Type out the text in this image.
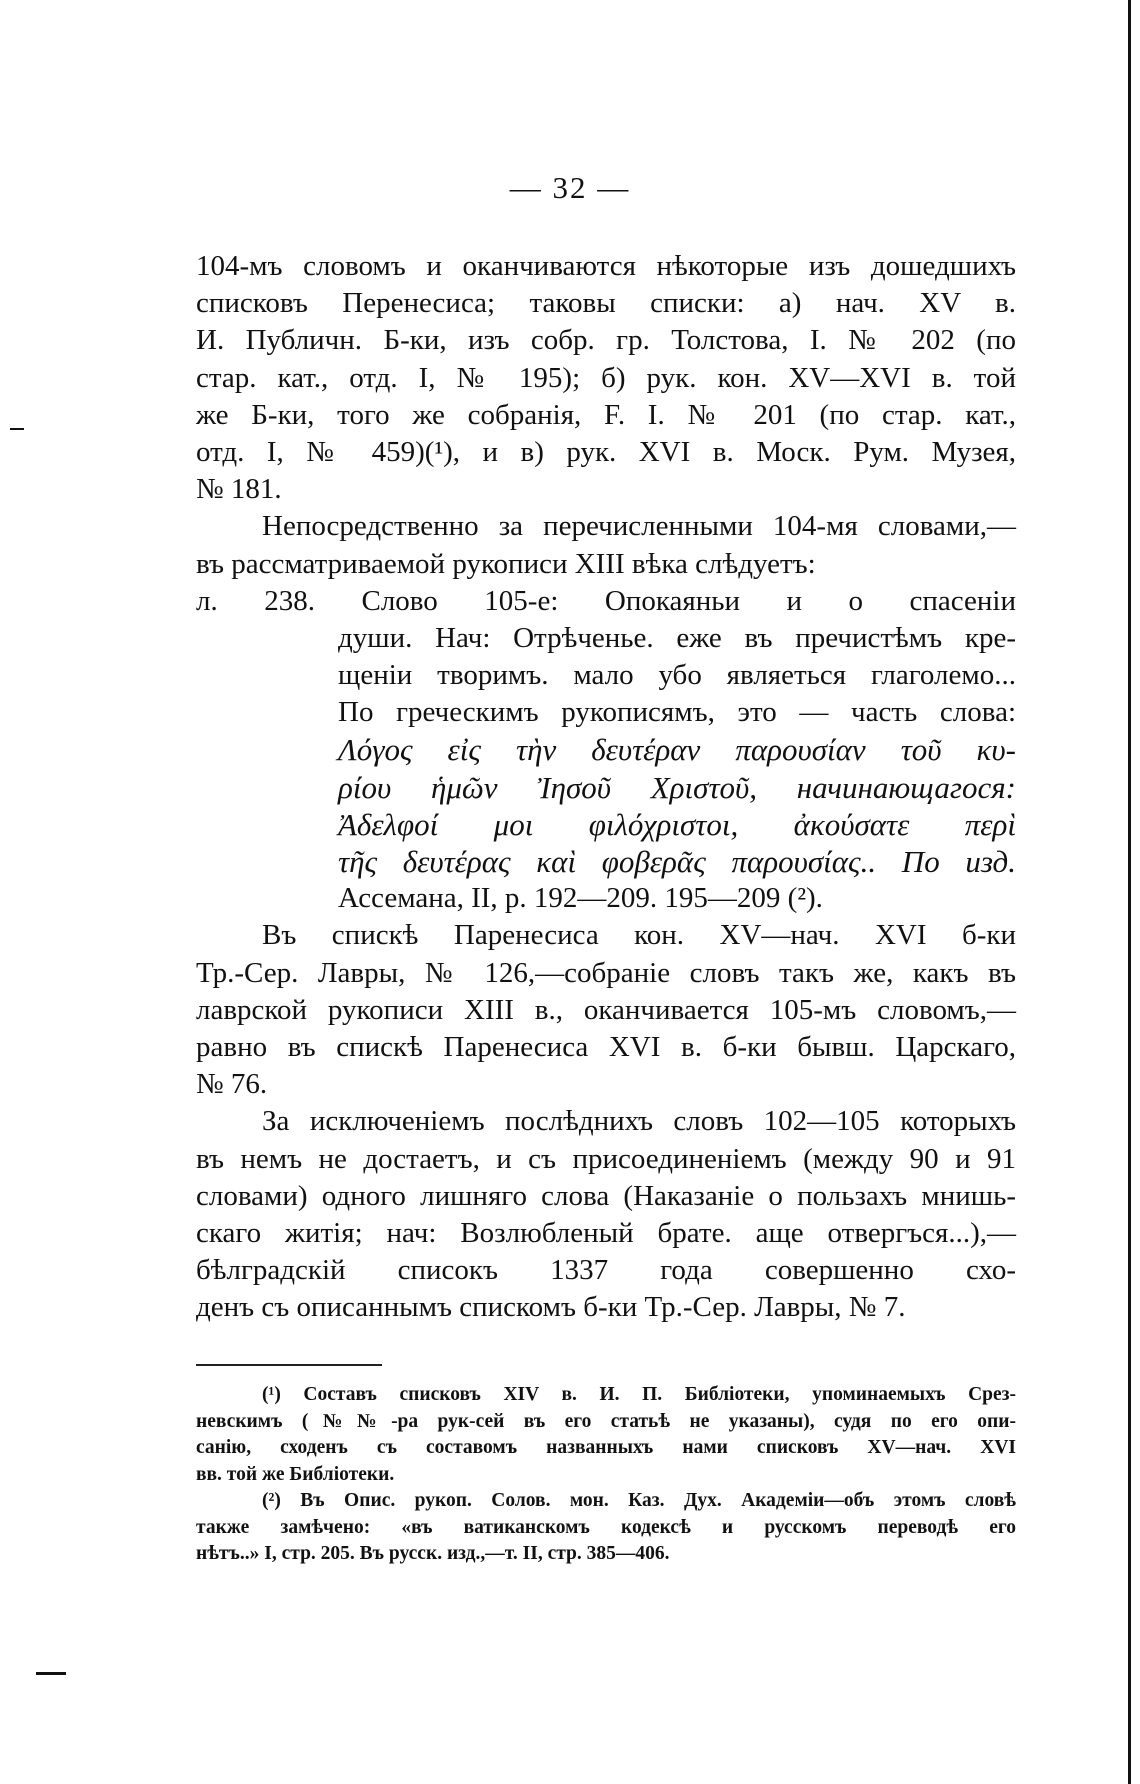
— 32 —
104-мъ словомъ и оканчиваются нѣкоторые изъ дошедшихъ
списковъ Перенесиса; таковы списки: а) нач. XV в.
И. Публичн. Б-ки, изъ собр. гр. Толстова, I. № 202 (по
стар. кат., отд. I, № 195); б) рук. кон. XV—XVI в. той
же Б-ки, того же собранія, F. I. № 201 (по стар. кат.,
отд. I, № 459)(¹), и в) рук. XVI в. Моск. Рум. Музея,
№ 181.
Непосредственно за перечисленными 104-мя словами,—
въ рассматриваемой рукописи XIII вѣка слѣдуетъ:
л. 238. Слово 105-е: Опокаяньи и о спасеніи
души. Нач: Отрѣченье. еже въ пречистѣмъ кре-
щеніи творимъ. мало убо являеться глаголемо...
По греческимъ рукописямъ, это — часть слова:
Λόγος εἰς τὴν δευτέραν παρουσίαν τοῦ κυ-
ρίου ἡμῶν Ἰησοῦ Χριστοῦ, начинающагося:
Ἀδελφοί μοι φιλόχριστοι, ἀκούσατε περὶ
τῆς δευτέρας καὶ φοβερᾶς παρουσίας.. По изд.
Ассемана, II, р. 192—209. 195—209 (²).
Въ спискѣ Паренесиса кон. XV—нач. XVI б-ки
Тр.-Сер. Лавры, № 126,—собраніе словъ такъ же, какъ въ
лаврской рукописи XIII в., оканчивается 105-мъ словомъ,—
равно въ спискѣ Паренесиса XVI в. б-ки бывш. Царскаго,
№ 76.
За исключеніемъ послѣднихъ словъ 102—105 которыхъ
въ немъ не достаетъ, и съ присоединеніемъ (между 90 и 91
словами) одного лишняго слова (Наказаніе о пользахъ мнишь-
скаго житія; нач: Возлюбленый брате. аще отвергъся...),—
бѣлградскій списокъ 1337 года совершенно схо-
денъ съ описаннымъ спискомъ б-ки Тр.-Сер. Лавры, № 7.
(¹) Составъ списковъ XIV в. И. П. Библіотеки, упоминаемыхъ Срез-
невскимъ (№№-ра рук-сей въ его статьѣ не указаны), судя по его опи-
санію, сходенъ съ составомъ названныхъ нами списковъ XV—нач. XVI
вв. той же Библіотеки.
(²) Въ Опис. рукоп. Солов. мон. Каз. Дух. Академіи—объ этомъ словѣ
также замѣчено: «въ ватиканскомъ кодексѣ и русскомъ переводѣ его
нѣтъ..» I, стр. 205. Въ русск. изд.,—т. II, стр. 385—406.
